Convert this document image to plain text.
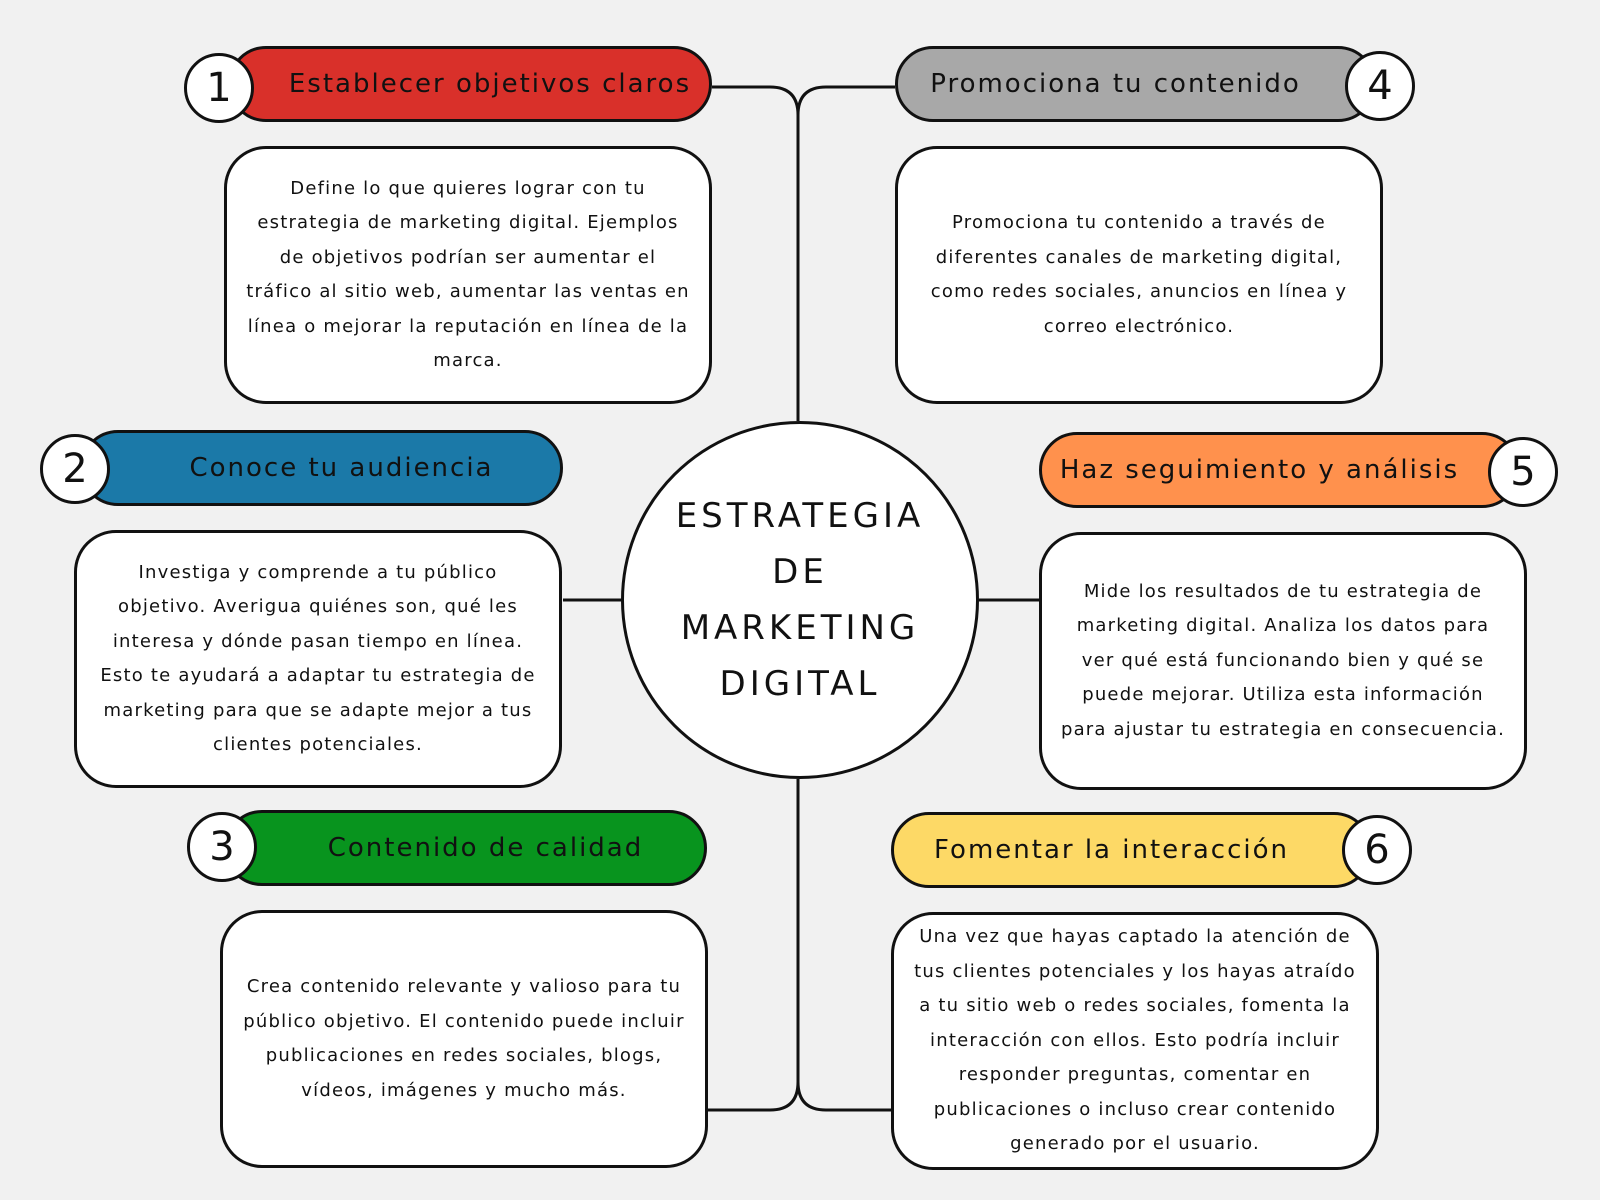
Establecer objetivos claros
1
Define lo que quieres lograr con tu estrategia de marketing digital. Ejemplos de objetivos podrían ser aumentar el tráfico al sitio web, aumentar las ventas en línea o mejorar la reputación en línea de la marca.
Conoce tu audiencia
2
Investiga y comprende a tu público objetivo. Averigua quiénes son, qué les interesa y dónde pasan tiempo en línea. Esto te ayudará a adaptar tu estrategia de marketing para que se adapte mejor a tus clientes potenciales.
Contenido de calidad
3
Crea contenido relevante y valioso para tu público objetivo. El contenido puede incluir publicaciones en redes sociales, blogs, vídeos, imágenes y mucho más.
Promociona tu contenido 4
Promociona tu contenido a través de diferentes canales de marketing digital, como redes sociales, anuncios en línea y correo electrónico.
Haz seguimiento y análisis 5
Mide los resultados de tu estrategia de marketing digital. Analiza los datos para ver qué está funcionando bien y qué se puede mejorar. Utiliza esta información para ajustar tu estrategia en consecuencia.
Fomentar la interacción 6
Una vez que hayas captado la atención de tus clientes potenciales y los hayas atraído a tu sitio web o redes sociales, fomenta la interacción con ellos. Esto podría incluir responder preguntas, comentar en publicaciones o incluso crear contenido generado por el usuario.
ESTRATEGIA DE MARKETING DIGITAL
